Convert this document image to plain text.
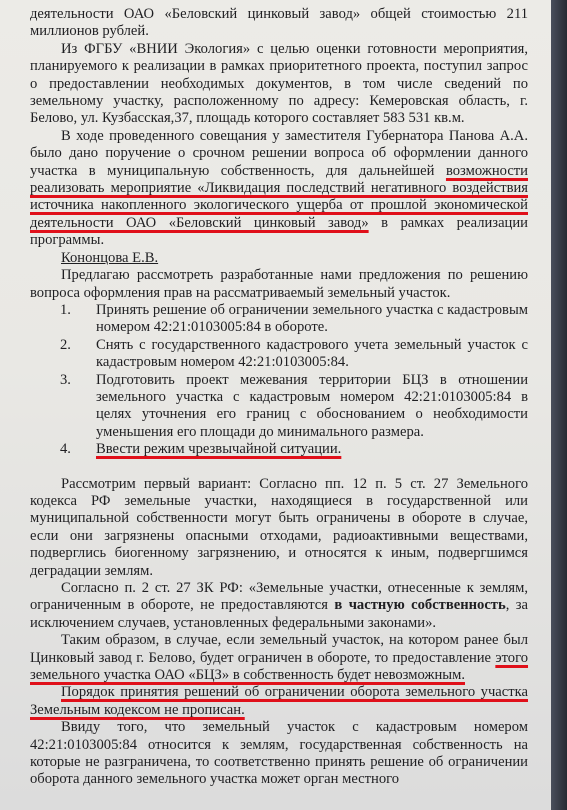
деятельности ОАО «Беловский цинковый завод» общей стоимостью 211 миллионов рублей.

Из ФГБУ «ВНИИ Экология» с целью оценки готовности мероприятия, планируемого к реализации в рамках приоритетного проекта, поступил запрос о предоставлении необходимых документов, в том числе сведений по земельному участку, расположенному по адресу: Кемеровская область, г. Белово, ул. Кузбасская,37, площадь которого составляет 583 531 кв.м.

В ходе проведенного совещания у заместителя Губернатора Панова А.А. было дано поручение о срочном решении вопроса об оформлении данного участка в муниципальную собственность, для дальнейшей возможности реализовать мероприятие «Ликвидация последствий негативного воздействия источника накопленного экологического ущерба от прошлой экономической деятельности ОАО «Беловский цинковый завод» в рамках реализации программы.

Кононцова Е.В.

Предлагаю рассмотреть разработанные нами предложения по решению вопроса оформления прав на рассматриваемый земельный участок.

1.	Принять решение об ограничении земельного участка с кадастровым номером 42:21:0103005:84 в обороте.
2.	Снять с государственного кадастрового учета земельный участок с кадастровым номером 42:21:0103005:84.
3.	Подготовить проект межевания территории БЦЗ в отношении земельного участка с кадастровым номером 42:21:0103005:84 в целях уточнения его границ с обоснованием о необходимости уменьшения его площади до минимального размера.
4.	Ввести режим чрезвычайной ситуации.

Рассмотрим первый вариант: Согласно пп. 12 п. 5 ст. 27 Земельного кодекса РФ земельные участки, находящиеся в государственной или муниципальной собственности могут быть ограничены в обороте в случае, если они загрязнены опасными отходами, радиоактивными веществами, подверглись биогенному загрязнению, и относятся к иным, подвергшимся деградации землям.

Согласно п. 2 ст. 27 ЗК РФ: «Земельные участки, отнесенные к землям, ограниченным в обороте, не предоставляются в частную собственность, за исключением случаев, установленных федеральными законами».

Таким образом, в случае, если земельный участок, на котором ранее был Цинковый завод г. Белово, будет ограничен в обороте, то предоставление этого земельного участка ОАО «БЦЗ» в собственность будет невозможным.

Порядок принятия решений об ограничении оборота земельного участка Земельным кодексом не прописан.

Ввиду того, что земельный участок с кадастровым номером 42:21:0103005:84 относится к землям, государственная собственность на которые не разграничена, то соответственно принять решение об ограничении оборота данного земельного участка может орган местного
